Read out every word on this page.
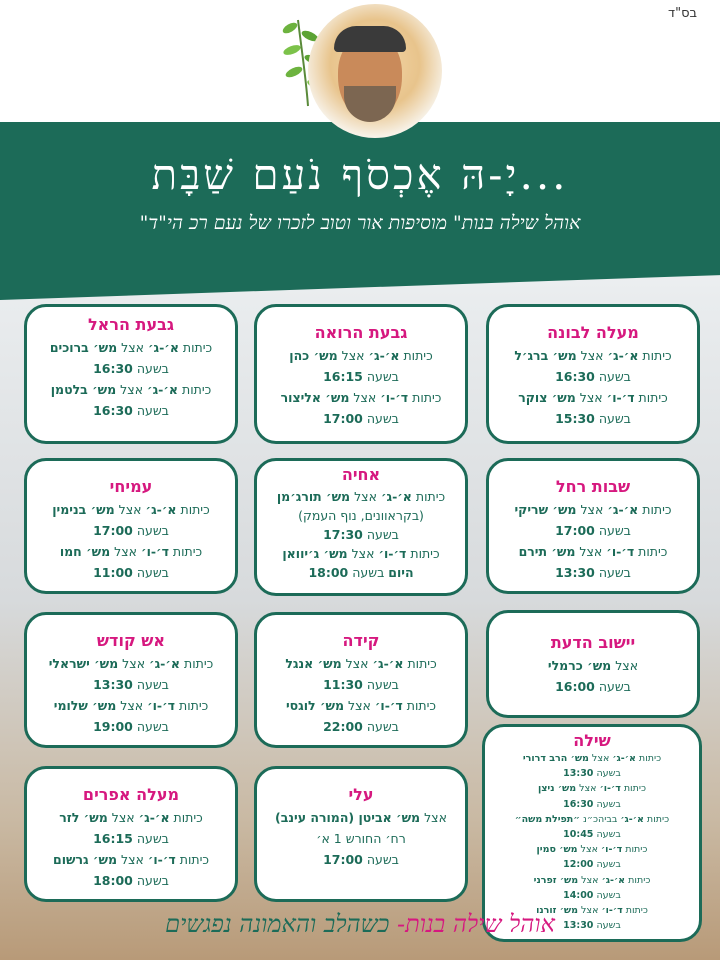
בס"ד
יָ-הּ אֶכְסֹף נֹעַם שַׁבָּת...
"אוהל שילה בנות" מוסיפות אור וטוב לזכרו של נעם רכ הי"ד
גבעת הראל
כיתות א׳-ג׳ אצל מש׳ ברוכים
בשעה 16:30
כיתות א׳-ג׳ אצל מש׳ בלטמן
בשעה 16:30
גבעת הרואה
כיתות א׳-ג׳ אצל מש׳ כהן
בשעה 16:15
כיתות ד׳-ו׳ אצל מש׳ אליצור
בשעה 17:00
מעלה לבונה
כיתות א׳-ג׳ אצל מש׳ ברג׳ל
בשעה 16:30
כיתות ד׳-ו׳ אצל מש׳ צוקר
בשעה 15:30
עמיחי
כיתות א׳-ג׳ אצל מש׳ בנימין
בשעה 17:00
כיתות ד׳-ו׳ אצל מש׳ חמו
בשעה 11:00
אחיה
כיתות א׳-ג׳ אצל מש׳ תורג׳מן
(בקראוונים, נוף העמק)
בשעה 17:30
כיתות ד׳-ו׳ אצל מש׳ ג׳יוואן
היום בשעה 18:00
שבות רחל
כיתות א׳-ג׳ אצל מש׳ שריקי
בשעה 17:00
כיתות ד׳-ו׳ אצל מש׳ תירם
בשעה 13:30
אש קודש
כיתות א׳-ג׳ אצל מש׳ ישראלי
בשעה 13:30
כיתות ד׳-ו׳ אצל מש׳ שלומי
בשעה 19:00
קידה
כיתות א׳-ג׳ אצל מש׳ אנגל
בשעה 11:30
כיתות ד׳-ו׳ אצל מש׳ לוגסי
בשעה 22:00
יישוב הדעת
אצל מש׳ כרמלי
בשעה 16:00
מעלה אפרים
כיתות א׳-ג׳ אצל מש׳ לזר
בשעה 16:15
כיתות ד׳-ו׳ אצל מש׳ גרשום
בשעה 18:00
עלי
אצל מש׳ אביטן (המורה עינב)
רח׳ החורש 1 א׳
בשעה 17:00
שילה
כיתות א׳-ג׳ אצל מש׳ הרב דרורי
בשעה 13:30
כיתות ד׳-ו׳ אצל מש׳ ניצן
בשעה 16:30
כיתות א׳-ג׳ בביהכ״נ ״תפילת משה״
בשעה 10:45
כיתות ד׳-ו׳ אצל מש׳ סמין
בשעה 12:00
כיתות א׳-ג׳ אצל מש׳ זפרני
בשעה 14:00
כיתות ד׳-ו׳ אצל מש׳ זורנו
בשעה 13:30
אוהל שילה בנות- כשהלב והאמונה נפגשים
